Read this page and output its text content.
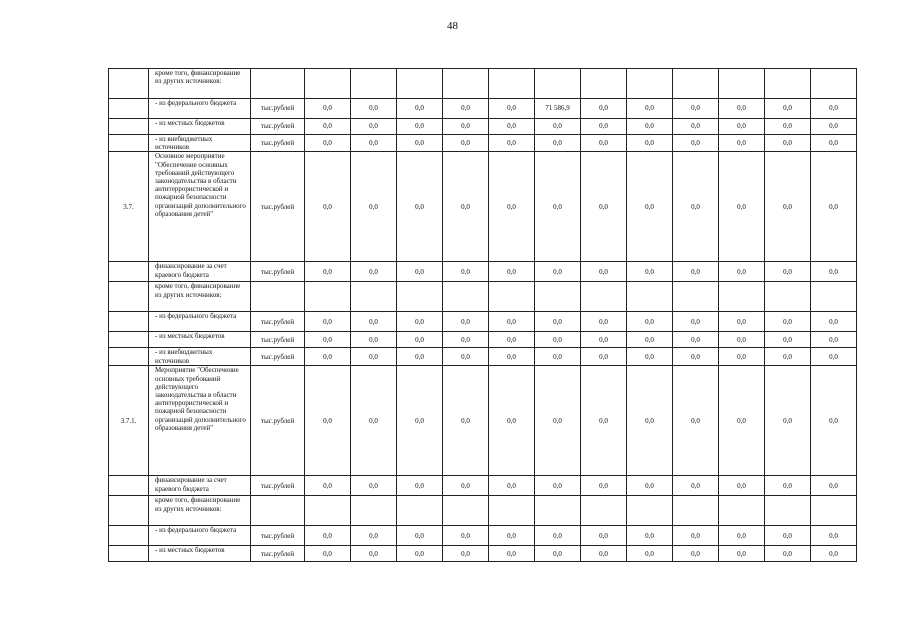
48
	кроме того, финансирование из других источников:													
	- из федерального бюджета	тыс.рублей	0,0	0,0	0,0	0,0	0,0	71 586,9	0,0	0,0	0,0	0,0	0,0	0,0
	- из местных бюджетов	тыс.рублей	0,0	0,0	0,0	0,0	0,0	0,0	0,0	0,0	0,0	0,0	0,0	0,0
	- из внебюджетных источников	тыс.рублей	0,0	0,0	0,0	0,0	0,0	0,0	0,0	0,0	0,0	0,0	0,0	0,0
3.7.	Основное мероприятие "Обеспечение основных требований действующего законодательства в области антитеррористической и пожарной безопасности организаций дополнительного образования детей"	тыс.рублей	0,0	0,0	0,0	0,0	0,0	0,0	0,0	0,0	0,0	0,0	0,0	0,0
	финансирование за счет краевого бюджета	тыс.рублей	0,0	0,0	0,0	0,0	0,0	0,0	0,0	0,0	0,0	0,0	0,0	0,0
	кроме того, финансирование из других источников:													
	- из федерального бюджета	тыс.рублей	0,0	0,0	0,0	0,0	0,0	0,0	0,0	0,0	0,0	0,0	0,0	0,0
	- из местных бюджетов	тыс.рублей	0,0	0,0	0,0	0,0	0,0	0,0	0,0	0,0	0,0	0,0	0,0	0,0
	- из внебюджетных источников	тыс.рублей	0,0	0,0	0,0	0,0	0,0	0,0	0,0	0,0	0,0	0,0	0,0	0,0
3.7.1.	Мероприятие "Обеспечение основных требований действующего законодательства в области антитеррористической и пожарной безопасности организаций дополнительного образования детей"	тыс.рублей	0,0	0,0	0,0	0,0	0,0	0,0	0,0	0,0	0,0	0,0	0,0	0,0
	финансирование за счет краевого бюджета	тыс.рублей	0,0	0,0	0,0	0,0	0,0	0,0	0,0	0,0	0,0	0,0	0,0	0,0
	кроме того, финансирование из других источников:													
	- из федерального бюджета	тыс.рублей	0,0	0,0	0,0	0,0	0,0	0,0	0,0	0,0	0,0	0,0	0,0	0,0
	- из местных бюджетов	тыс.рублей	0,0	0,0	0,0	0,0	0,0	0,0	0,0	0,0	0,0	0,0	0,0	0,0
